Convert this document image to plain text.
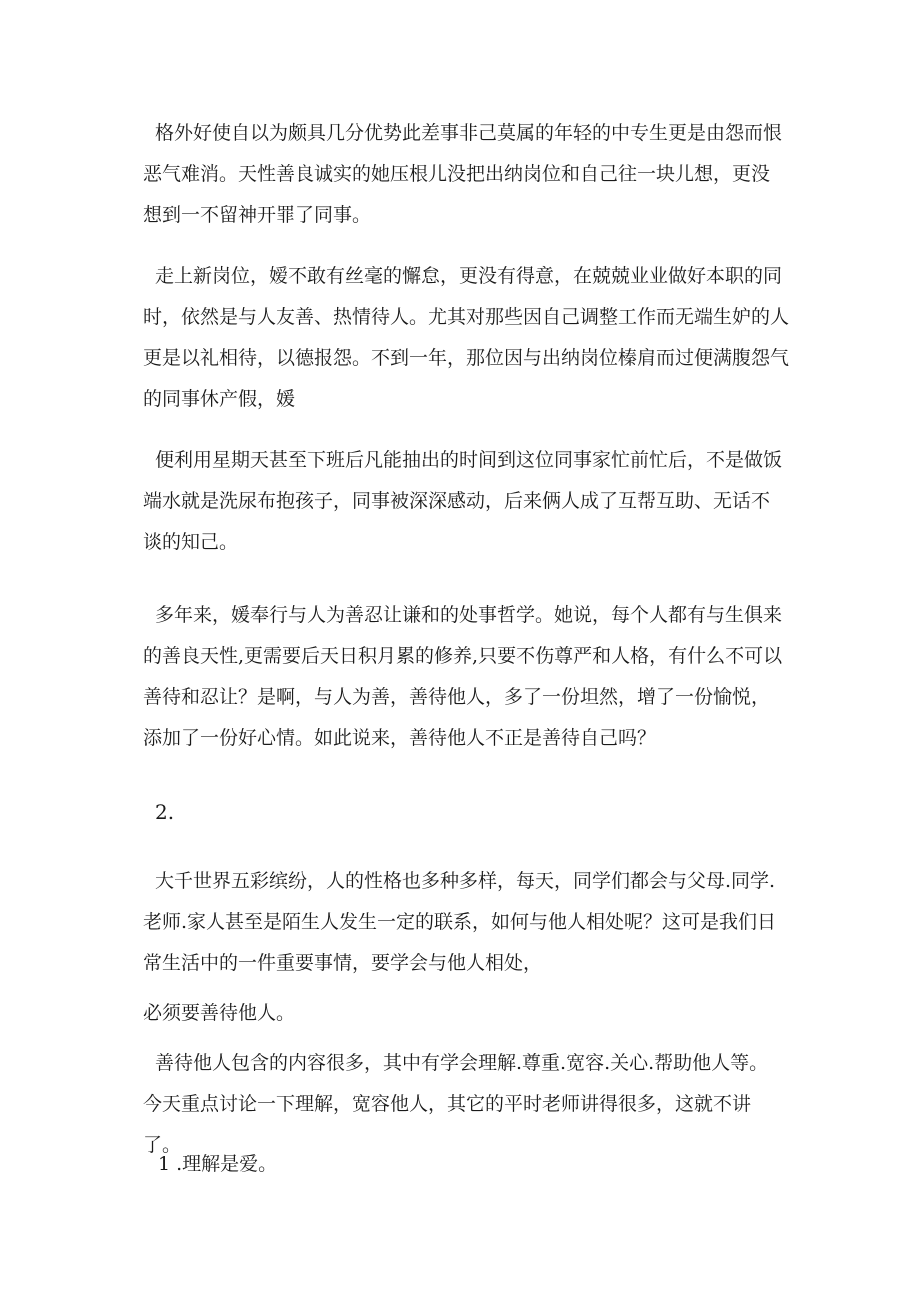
格外好使自以为颇具几分优势此差事非己莫属的年轻的中专生更是由怨而恨恶气难消。天性善良诚实的她压根儿没把出纳岗位和自己往一块儿想，更没想到一不留神开罪了同事。

走上新岗位，嫒不敢有丝毫的懈怠，更没有得意，在兢兢业业做好本职的同时，依然是与人友善、热情待人。尤其对那些因自己调整工作而无端生妒的人更是以礼相待，以德报怨。不到一年，那位因与出纳岗位榛肩而过便满腹怨气的同事休产假，媛

便利用星期天甚至下班后凡能抽出的时间到这位同事家忙前忙后，不是做饭端水就是洗尿布抱孩子，同事被深深感动，后来俩人成了互帮互助、无话不谈的知己。

多年来，媛奉行与人为善忍让谦和的处事哲学。她说，每个人都有与生俱来的善良天性,更需要后天日积月累的修养,只要不伤尊严和人格，有什么不可以善待和忍让？是啊，与人为善，善待他人，多了一份坦然，增了一份愉悦，添加了一份好心情。如此说来，善待他人不正是善待自己吗？

2.

大千世界五彩缤纷，人的性格也多种多样，每天，同学们都会与父母.同学.老师.家人甚至是陌生人发生一定的联系，如何与他人相处呢？这可是我们日常生活中的一件重要事情，要学会与他人相处，

必须要善待他人。

善待他人包含的内容很多，其中有学会理解.尊重.宽容.关心.帮助他人等。今天重点讨论一下理解，宽容他人，其它的平时老师讲得很多，这就不讲了。

1 .理解是爱。
